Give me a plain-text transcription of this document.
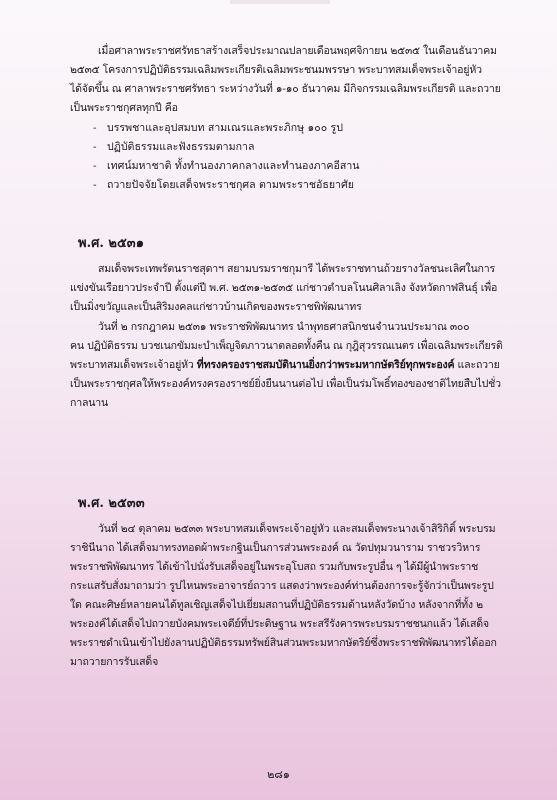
เมื่อศาลาพระราชศรัทธาสร้างเสร็จประมาณปลายเดือนพฤศจิกายน ๒๕๓๕ ในเดือนธันวาคม
๒๕๓๕ โครงการปฏิบัติธรรมเฉลิมพระเกียรติเฉลิมพระชนมพรรษา พระบาทสมเด็จพระเจ้าอยู่หัว
ได้จัดขึ้น ณ ศาลาพระราชศรัทธา ระหว่างวันที่ ๑-๑๐ ธันวาคม มีกิจกรรมเฉลิมพระเกียรติ และถวาย
เป็นพระราชกุศลทุกปี คือ
- บรรพชาและอุปสมบท สามเณรและพระภิกษุ ๑๐๐ รูป
- ปฏิบัติธรรมและฟังธรรมตามกาล
- เทศน์มหาชาติ ทั้งทำนองภาคกลางและทำนองภาคอีสาน
- ถวายปัจจัยโดยเสด็จพระราชกุศล ตามพระราชอัธยาศัย
พ.ศ. ๒๕๓๑
สมเด็จพระเทพรัตนราชสุดาฯ สยามบรมราชกุมารี ได้พระราชทานถ้วยรางวัลชนะเลิศในการ
แข่งขันเรือยาวประจำปี ตั้งแต่ปี พ.ศ. ๒๕๓๑-๒๕๓๕ แก่ชาวตำบลโนนศิลาเลิง จังหวัดกาฬสินธุ์ เพื่อ
เป็นมิ่งขวัญและเป็นสิริมงคลแก่ชาวบ้านเกิดของพระราชพิพัฒนาทร
วันที่ ๒ กรกฎาคม ๒๕๓๑ พระราชพิพัฒนาทร นำพุทธศาสนิกชนจำนวนประมาณ ๓๐๐
คน ปฏิบัติธรรม บวชเนกขัมมะบำเพ็ญจิตภาวนาตลอดทั้งคืน ณ กุฎิสุวรรณเนตร เพื่อเฉลิมพระเกียรติ
พระบาทสมเด็จพระเจ้าอยู่หัว ที่ทรงครองราชสมบัตินานยิ่งกว่าพระมหากษัตริย์ทุกพระองค์ และถวาย
เป็นพระราชกุศลให้พระองค์ทรงครองราชย์ยิ่งยืนนานต่อไป เพื่อเป็นร่มโพธิ์ทองของชาติไทยสืบไปชั่ว
กาลนาน
พ.ศ. ๒๕๓๓
วันที่ ๒๔ ตุลาคม ๒๕๓๓ พระบาทสมเด็จพระเจ้าอยู่หัว และสมเด็จพระนางเจ้าสิริกิติ์ พระบรม
ราชินีนาถ ได้เสด็จมาทรงทอดผ้าพระกฐินเป็นการส่วนพระองค์ ณ วัดปทุมวนาราม ราชวรวิหาร
พระราชพิพัฒนาทร ได้เข้าไปนั่งรับเสด็จอยู่ในพระอุโบสถ รวมกับพระรูปอื่น ๆ ได้มีผู้นำพระราช
กระแสรับสั่งมาถามว่า รูปไหนพระอาจารย์ถวาร แสดงว่าพระองค์ท่านต้องการจะรู้จักว่าเป็นพระรูป
ใด คณะศิษย์หลายคนได้ทูลเชิญเสด็จไปเยี่ยมสถานที่ปฏิบัติธรรมด้านหลังวัดบ้าง หลังจากที่ทั้ง ๒
พระองค์ได้เสด็จไปถวายบังคมพระเจดีย์ที่ประดิษฐาน พระสรีรังคารพระบรมราชชนกแล้ว ได้เสด็จ
พระราชดำเนินเข้าไปยังลานปฏิบัติธรรมทรัพย์สินส่วนพระมหากษัตริย์ซึ่งพระราชพิพัฒนาทรได้ออก
มาถวายการรับเสด็จ
๒๘๑
